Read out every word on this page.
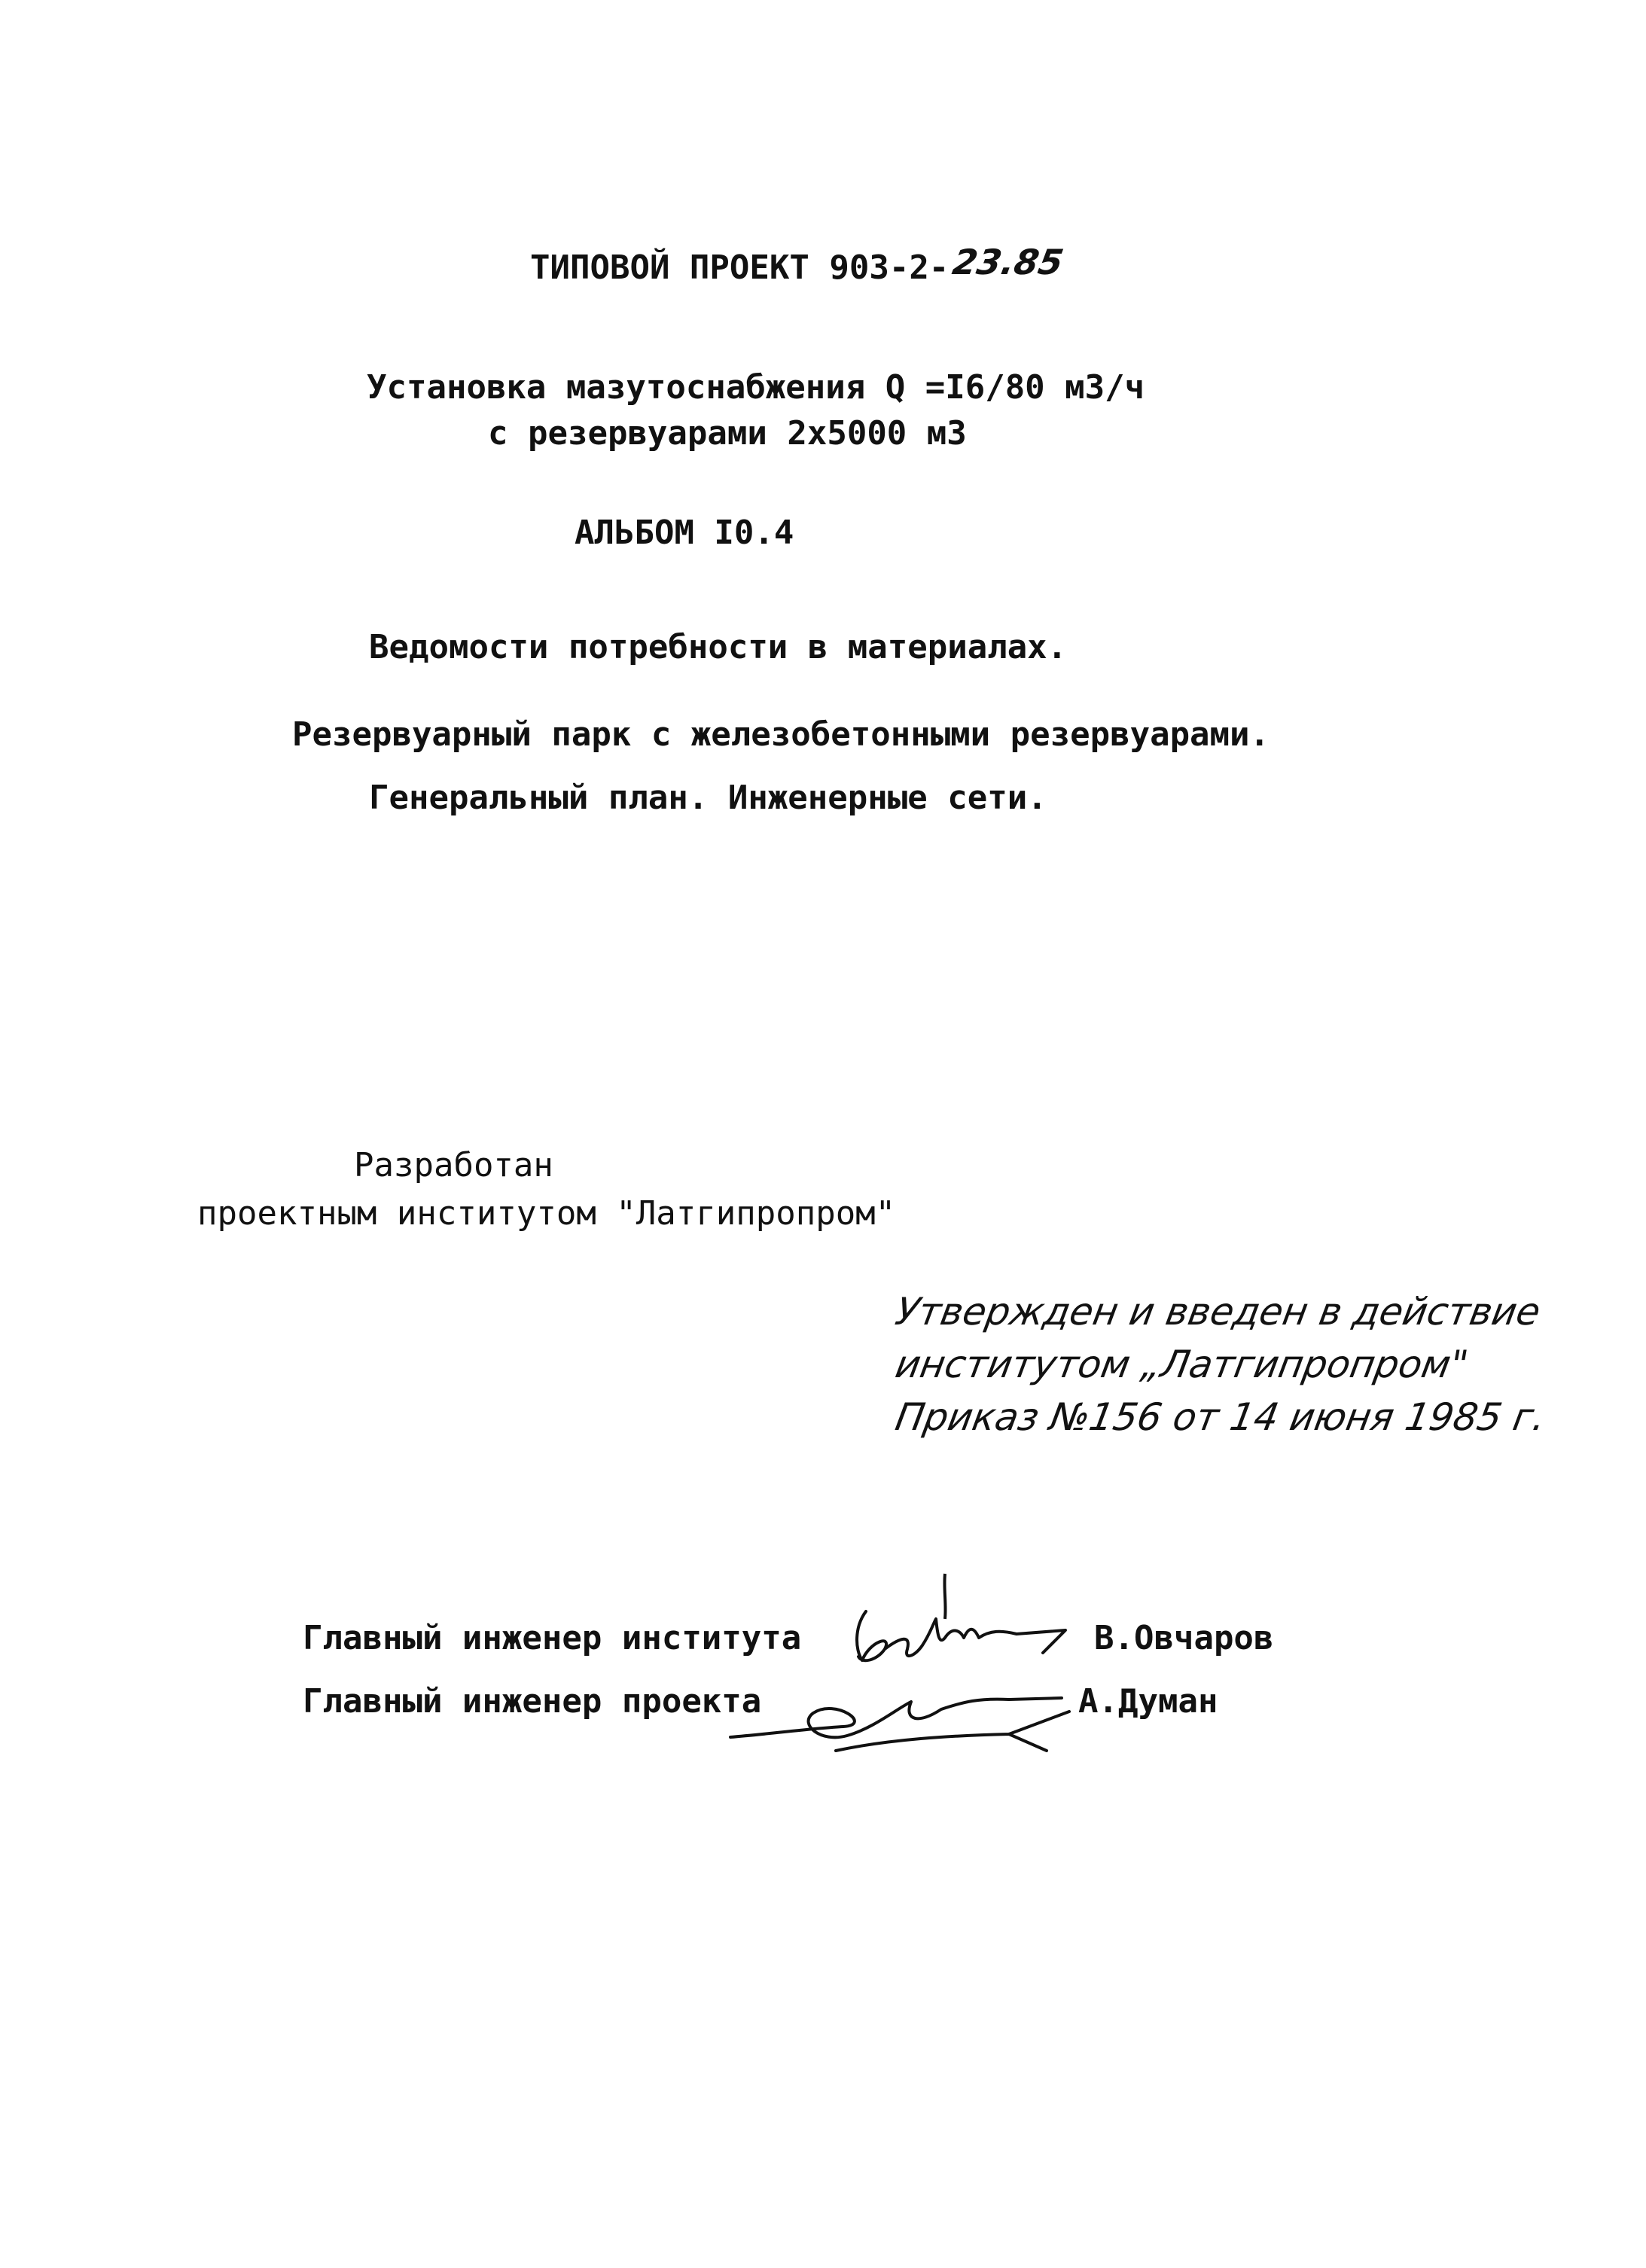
ТИПОВОЙ ПРОЕКТ 903-2-23.85
Установка мазутоснабжения Q =I6/80 м3/ч
с резервуарами 2х5000 м3
АЛЬБОМ I0.4
Ведомости потребности в материалах.
Резервуарный парк с железобетонными резервуарами.
Генеральный план. Инженерные сети.
Разработан
проектным институтом "Латгипропром"
Утвержден и введен в действие
институтом „Латгипропром"
Приказ №156 от 14 июня 1985 г.
Главный инженер института	В.Овчаров
Главный инженер проекта	А.Думан
